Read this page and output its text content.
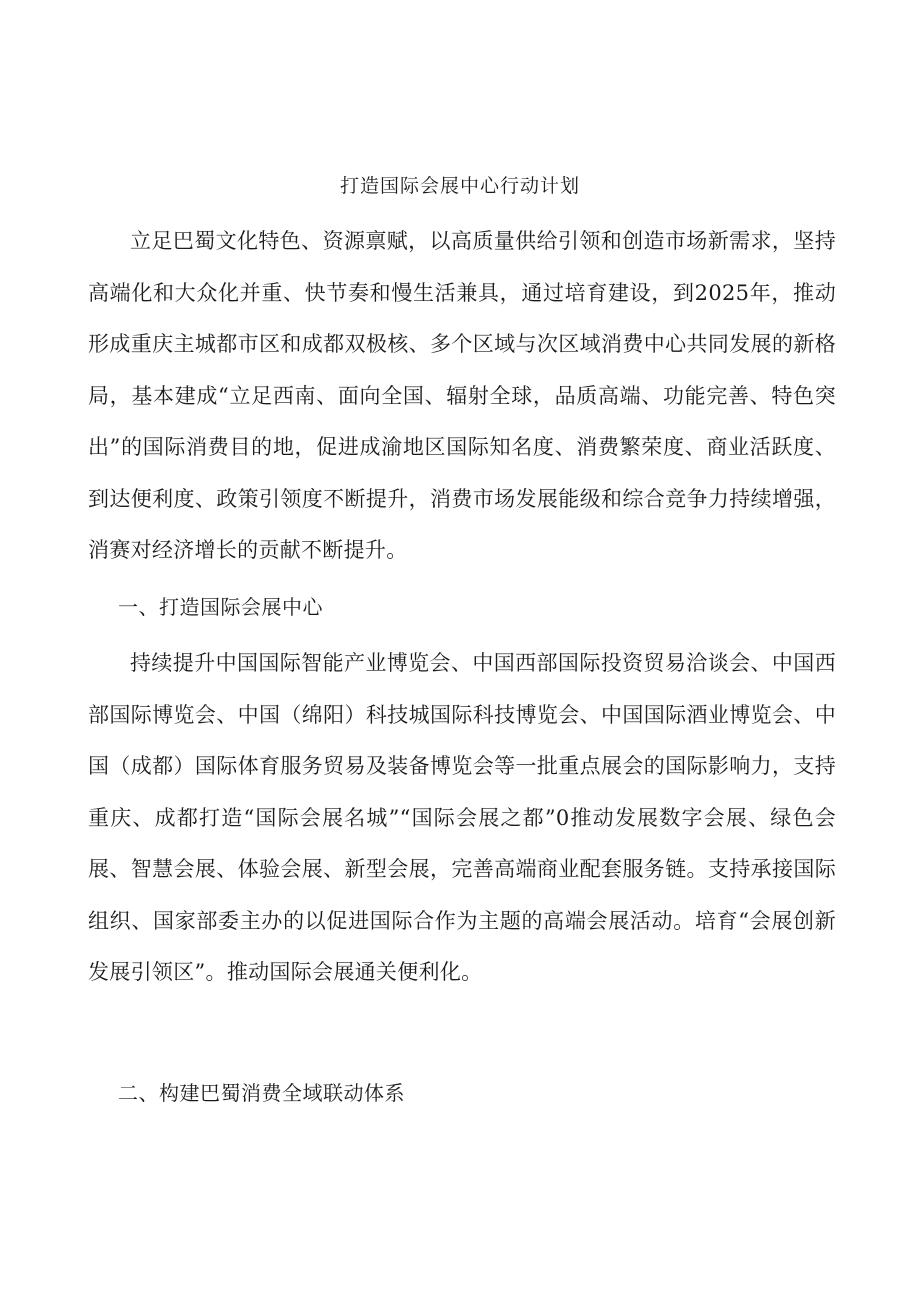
打造国际会展中心行动计划

立足巴蜀文化特色、资源禀赋，以高质量供给引领和创造市场新需求，坚持高端化和大众化并重、快节奏和慢生活兼具，通过培育建设，到2025年，推动形成重庆主城都市区和成都双极核、多个区域与次区域消费中心共同发展的新格局，基本建成“立足西南、面向全国、辐射全球，品质高端、功能完善、特色突出”的国际消费目的地，促进成渝地区国际知名度、消费繁荣度、商业活跃度、到达便利度、政策引领度不断提升，消费市场发展能级和综合竞争力持续增强，消赛对经济增长的贡献不断提升。

一、打造国际会展中心

持续提升中国国际智能产业博览会、中国西部国际投资贸易洽谈会、中国西部国际博览会、中国（绵阳）科技城国际科技博览会、中国国际酒业博览会、中国（成都）国际体育服务贸易及装备博览会等一批重点展会的国际影响力，支持重庆、成都打造“国际会展名城”“国际会展之都”0推动发展数字会展、绿色会展、智慧会展、体验会展、新型会展，完善高端商业配套服务链。支持承接国际组织、国家部委主办的以促进国际合作为主题的高端会展活动。培育“会展创新发展引领区”。推动国际会展通关便利化。

二、构建巴蜀消费全域联动体系
